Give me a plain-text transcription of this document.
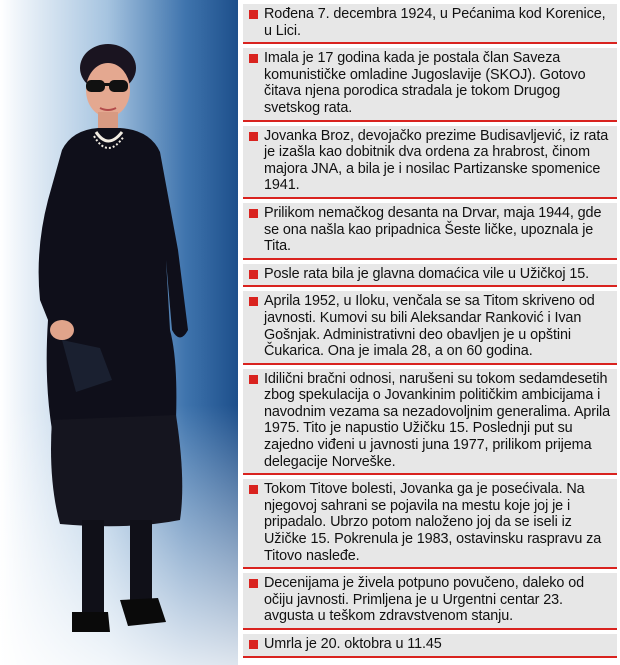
Rođena 7. decembra 1924, u Pećanima kod Korenice, u Lici.
Imala je 17 godina kada je postala član Saveza komunističke omladine Jugoslavije (SKOJ). Gotovo čitava njena porodica stradala je tokom Drugog svetskog rata.
Jovanka Broz, devojačko prezime Budisavljević, iz rata je izašla kao dobitnik dva ordena za hrabrost, činom majora JNA, a bila je i nosilac Partizanske spomenice 1941.
Prilikom nemačkog desanta na Drvar, maja 1944, gde se ona našla kao pripadnica Šeste ličke, upoznala je Tita.
Posle rata bila je glavna domaćica vile u Užičkoj 15.
Aprila 1952, u Iloku, venčala se sa Titom skriveno od javnosti. Kumovi su bili Aleksandar Ranković i Ivan Gošnjak. Administrativni deo obavljen je u opštini Čukarica. Ona je imala 28, a on 60 godina.
Idilični bračni odnosi, narušeni su tokom sedamdesetih zbog spekulacija o Jovankinim političkim ambicijama i navodnim vezama sa nezadovoljnim generalima. Aprila 1975. Tito je napustio Užičku 15. Poslednji put su zajedno viđeni u javnosti juna 1977, prilikom prijema delegacije Norveške.
Tokom Titove bolesti, Jovanka ga je posećivala. Na njegovoj sahrani se pojavila na mestu koje joj je i pripadalo. Ubrzo potom naloženo joj da se iseli iz Užičke 15. Pokrenula je 1983, ostavinsku raspravu za Titovo nasleđe.
Decenijama je živela potpuno povučeno, daleko od očiju javnosti. Primljena je u Urgentni centar 23. avgusta u teškom zdravstvenom stanju.
Umrla je 20. oktobra u 11.45
